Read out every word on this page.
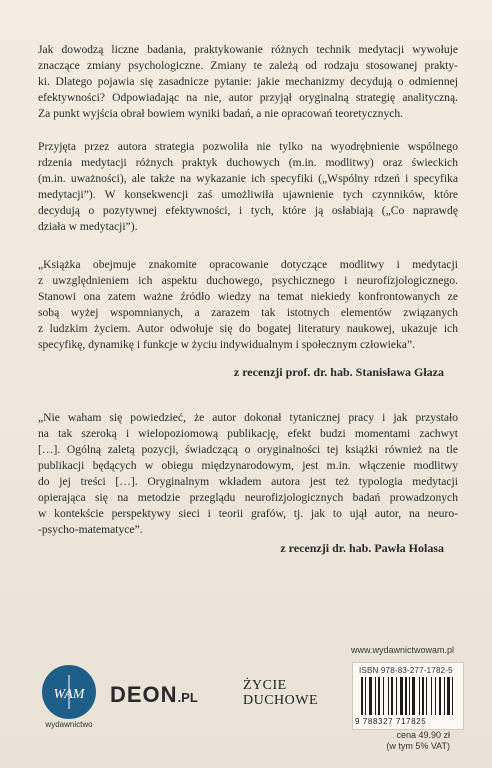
Jak dowodzą liczne badania, praktykowanie różnych technik medytacji wywołuje
znaczące zmiany psychologiczne. Zmiany te zależą od rodzaju stosowanej prakty-
ki. Dlatego pojawia się zasadnicze pytanie: jakie mechanizmy decydują o odmiennej
efektywności? Odpowiadając na nie, autor przyjął oryginalną strategię analityczną.
Za punkt wyjścia obrał bowiem wyniki badań, a nie opracowań teoretycznych.
Przyjęta przez autora strategia pozwoliła nie tylko na wyodrębnienie wspólnego
rdzenia medytacji różnych praktyk duchowych (m.in. modlitwy) oraz świeckich
(m.in. uważności), ale także na wykazanie ich specyfiki („Wspólny rdzeń i specyfika
medytacji”). W konsekwencji zaś umożliwiła ujawnienie tych czynników, które
decydują o pozytywnej efektywności, i tych, które ją osłabiają („Co naprawdę
działa w medytacji”).
„Książka obejmuje znakomite opracowanie dotyczące modlitwy i medytacji
z uwzględnieniem ich aspektu duchowego, psychicznego i neurofizjologicznego.
Stanowi ona zatem ważne źródło wiedzy na temat niekiedy konfrontowanych ze
sobą wyżej wspomnianych, a zarazem tak istotnych elementów związanych
z ludzkim życiem. Autor odwołuje się do bogatej literatury naukowej, ukazuje ich
specyfikę, dynamikę i funkcje w życiu indywidualnym i społecznym człowieka”.
z recenzji prof. dr. hab. Stanisława Głaza
„Nie waham się powiedzieć, że autor dokonał tytanicznej pracy i jak przystało
na tak szeroką i wielopoziomową publikację, efekt budzi momentami zachwyt
[…]. Ogólną zaletą pozycji, świadczącą o oryginalności tej książki również na tle
publikacji będących w obiegu międzynarodowym, jest m.in. włączenie modlitwy
do jej treści […]. Oryginalnym wkładem autora jest też typologia medytacji
opierająca się na metodzie przeglądu neurofizjologicznych badań prowadzonych
w kontekście perspektywy sieci i teorii grafów, tj. jak to ujął autor, na neuro-
-psycho-matematyce”.
z recenzji dr. hab. Pawła Holasa
www.wydawnictwowam.pl
WAM
wydawnictwo
DEON.PL
ŻYCIE
DUCHOWE
ISBN 978-83-277-1782-5
9 788327 717825
cena 49.90 zł
(w tym 5% VAT)
